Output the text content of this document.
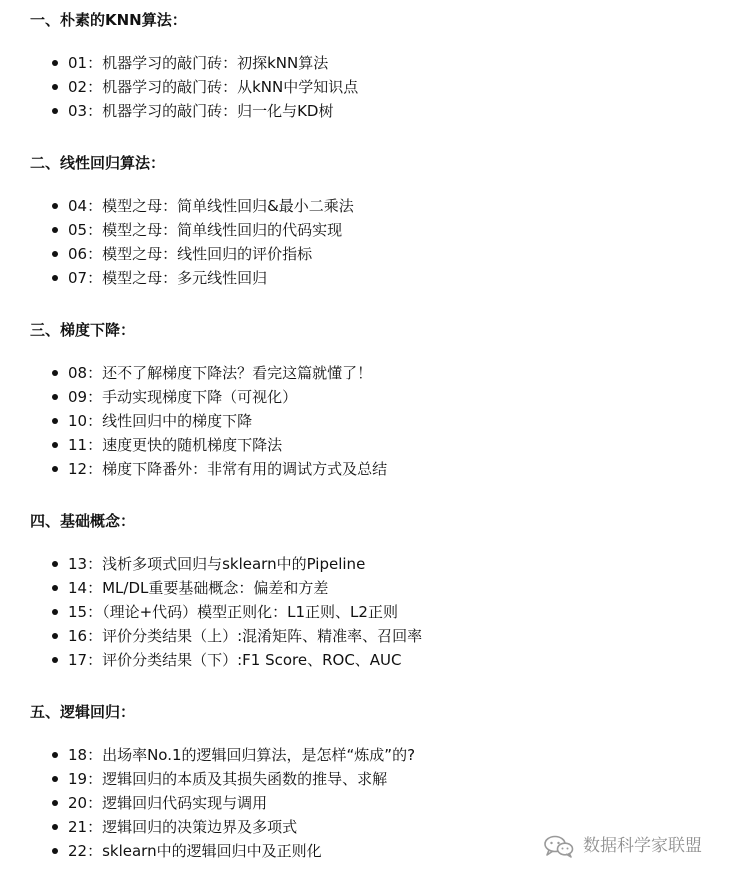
一、朴素的KNN算法：
01：机器学习的敲门砖：初探kNN算法
02：机器学习的敲门砖：从kNN中学知识点
03：机器学习的敲门砖：归一化与KD树
二、线性回归算法：
04：模型之母：简单线性回归&最小二乘法
05：模型之母：简单线性回归的代码实现
06：模型之母：线性回归的评价指标
07：模型之母：多元线性回归
三、梯度下降：
08：还不了解梯度下降法？看完这篇就懂了！
09：手动实现梯度下降（可视化）
10：线性回归中的梯度下降
11：速度更快的随机梯度下降法
12：梯度下降番外：非常有用的调试方式及总结
四、基础概念：
13：浅析多项式回归与sklearn中的Pipeline
14：ML/DL重要基础概念：偏差和方差
15：（理论+代码）模型正则化：L1正则、L2正则
16：评价分类结果（上）:混淆矩阵、精准率、召回率
17：评价分类结果（下）:F1 Score、ROC、AUC
五、逻辑回归：
18：出场率No.1的逻辑回归算法，是怎样“炼成”的?
19：逻辑回归的本质及其损失函数的推导、求解
20：逻辑回归代码实现与调用
21：逻辑回归的决策边界及多项式
22：sklearn中的逻辑回归中及正则化	数据科学家联盟
